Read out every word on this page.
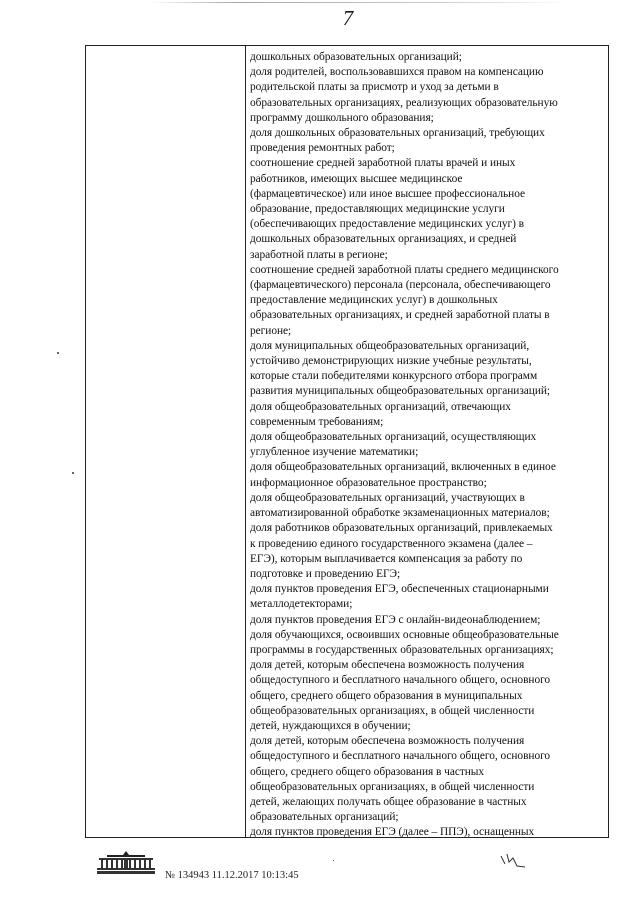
7
дошкольных образовательных организаций;
доля родителей, воспользовавшихся правом на компенсацию
родительской платы за присмотр и уход за детьми в
образовательных организациях, реализующих образовательную
программу дошкольного образования;
доля дошкольных образовательных организаций, требующих
проведения ремонтных работ;
соотношение средней заработной платы врачей и иных
работников, имеющих высшее медицинское
(фармацевтическое) или иное высшее профессиональное
образование, предоставляющих медицинские услуги
(обеспечивающих предоставление медицинских услуг) в
дошкольных образовательных организациях, и средней
заработной платы в регионе;
соотношение средней заработной платы среднего медицинского
(фармацевтического) персонала (персонала, обеспечивающего
предоставление медицинских услуг) в дошкольных
образовательных организациях, и средней заработной платы в
регионе;
доля муниципальных общеобразовательных организаций,
устойчиво демонстрирующих низкие учебные результаты,
которые стали победителями конкурсного отбора программ
развития муниципальных общеобразовательных организаций;
доля общеобразовательных организаций, отвечающих
современным требованиям;
доля общеобразовательных организаций, осуществляющих
углубленное изучение математики;
доля общеобразовательных организаций, включенных в единое
информационное образовательное пространство;
доля общеобразовательных организаций, участвующих в
автоматизированной обработке экзаменационных материалов;
доля работников образовательных организаций, привлекаемых
к проведению единого государственного экзамена (далее –
ЕГЭ), которым выплачивается компенсация за работу по
подготовке и проведению ЕГЭ;
доля пунктов проведения ЕГЭ, обеспеченных стационарными
металлодетекторами;
доля пунктов проведения ЕГЭ с онлайн-видеонаблюдением;
доля обучающихся, освоивших основные общеобразовательные
программы в государственных образовательных организациях;
доля детей, которым обеспечена возможность получения
общедоступного и бесплатного начального общего, основного
общего, среднего общего образования в муниципальных
общеобразовательных организациях, в общей численности
детей, нуждающихся в обучении;
доля детей, которым обеспечена возможность получения
общедоступного и бесплатного начального общего, основного
общего, среднего общего образования в частных
общеобразовательных организациях, в общей численности
детей, желающих получать общее образование в частных
образовательных организаций;
доля пунктов проведения ЕГЭ (далее – ППЭ), оснащенных
№ 134943 11.12.2017 10:13:45
